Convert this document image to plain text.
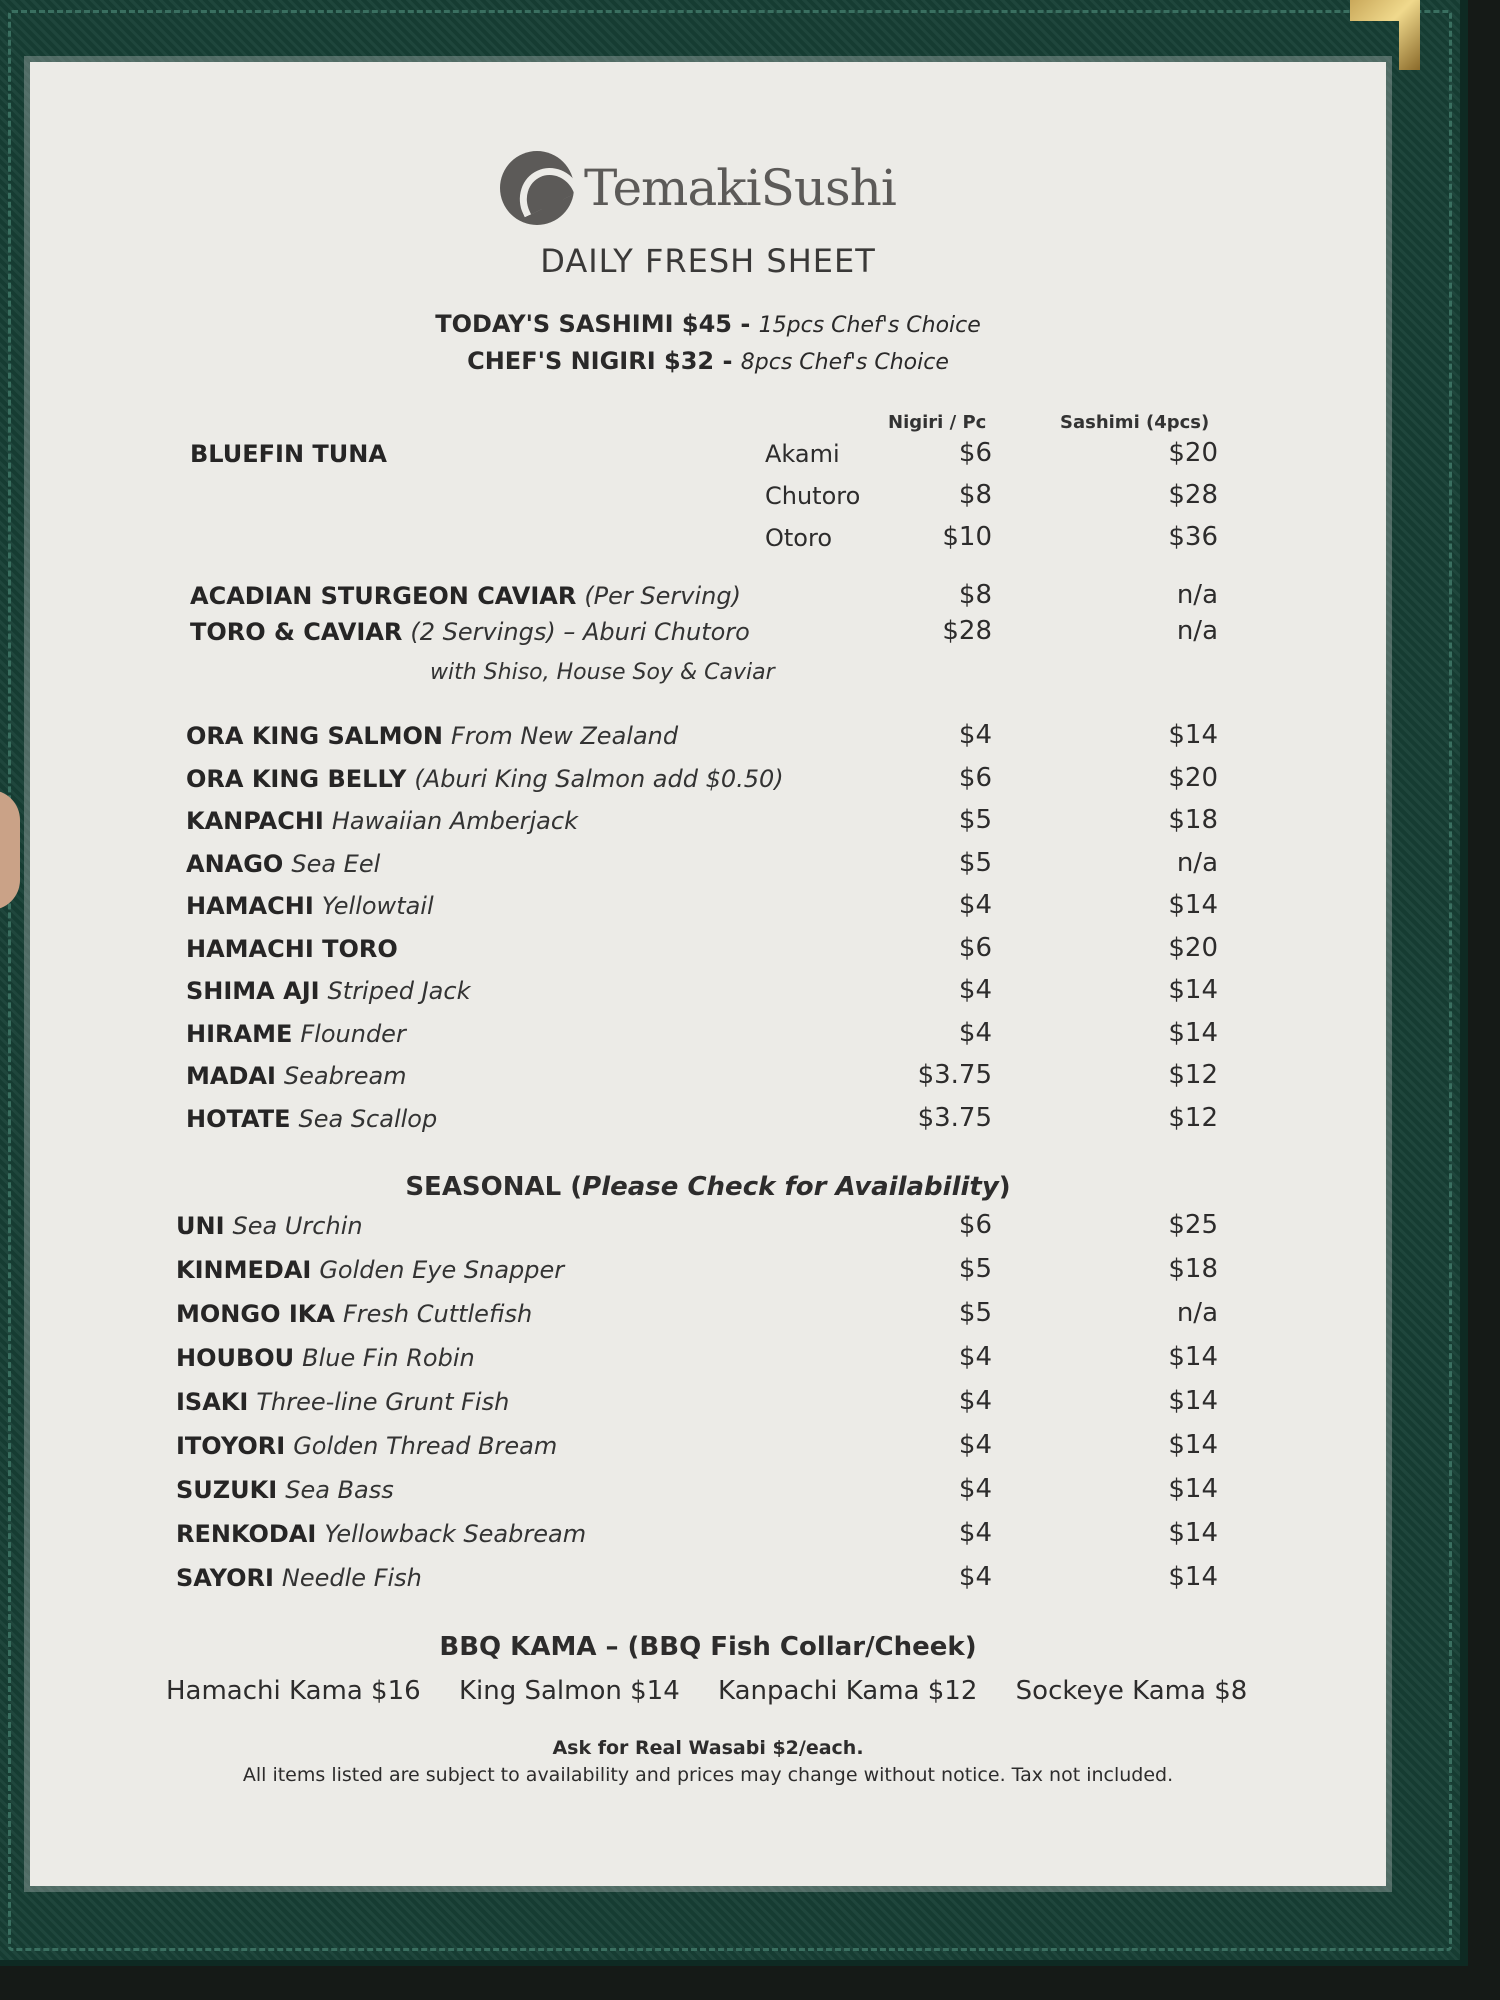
TemakiSushi
DAILY FRESH SHEET
TODAY'S SASHIMI $45 - 15pcs Chef's Choice
CHEF'S NIGIRI $32 - 8pcs Chef's Choice
Nigiri / Pc	Sashimi (4pcs)
BLUEFIN TUNA	Akami	$6	$20
Chutoro	$8	$28
Otoro	$10	$36
ACADIAN STURGEON CAVIAR (Per Serving)	$8	n/a
TORO & CAVIAR (2 Servings) – Aburi Chutoro	$28	n/a
with Shiso, House Soy & Caviar
ORA KING SALMON From New Zealand	$4	$14
ORA KING BELLY (Aburi King Salmon add $0.50)	$6	$20
KANPACHI Hawaiian Amberjack	$5	$18
ANAGO Sea Eel	$5	n/a
HAMACHI Yellowtail	$4	$14
HAMACHI TORO	$6	$20
SHIMA AJI Striped Jack	$4	$14
HIRAME Flounder	$4	$14
MADAI Seabream	$3.75	$12
HOTATE Sea Scallop	$3.75	$12
SEASONAL (Please Check for Availability)
UNI Sea Urchin	$6	$25
KINMEDAI Golden Eye Snapper	$5	$18
MONGO IKA Fresh Cuttlefish	$5	n/a
HOUBOU Blue Fin Robin	$4	$14
ISAKI Three-line Grunt Fish	$4	$14
ITOYORI Golden Thread Bream	$4	$14
SUZUKI Sea Bass	$4	$14
RENKODAI Yellowback Seabream	$4	$14
SAYORI Needle Fish	$4	$14
BBQ KAMA – (BBQ Fish Collar/Cheek)
Hamachi Kama $16 King Salmon $14 Kanpachi Kama $12 Sockeye Kama $8
Ask for Real Wasabi $2/each.
All items listed are subject to availability and prices may change without notice. Tax not included.
